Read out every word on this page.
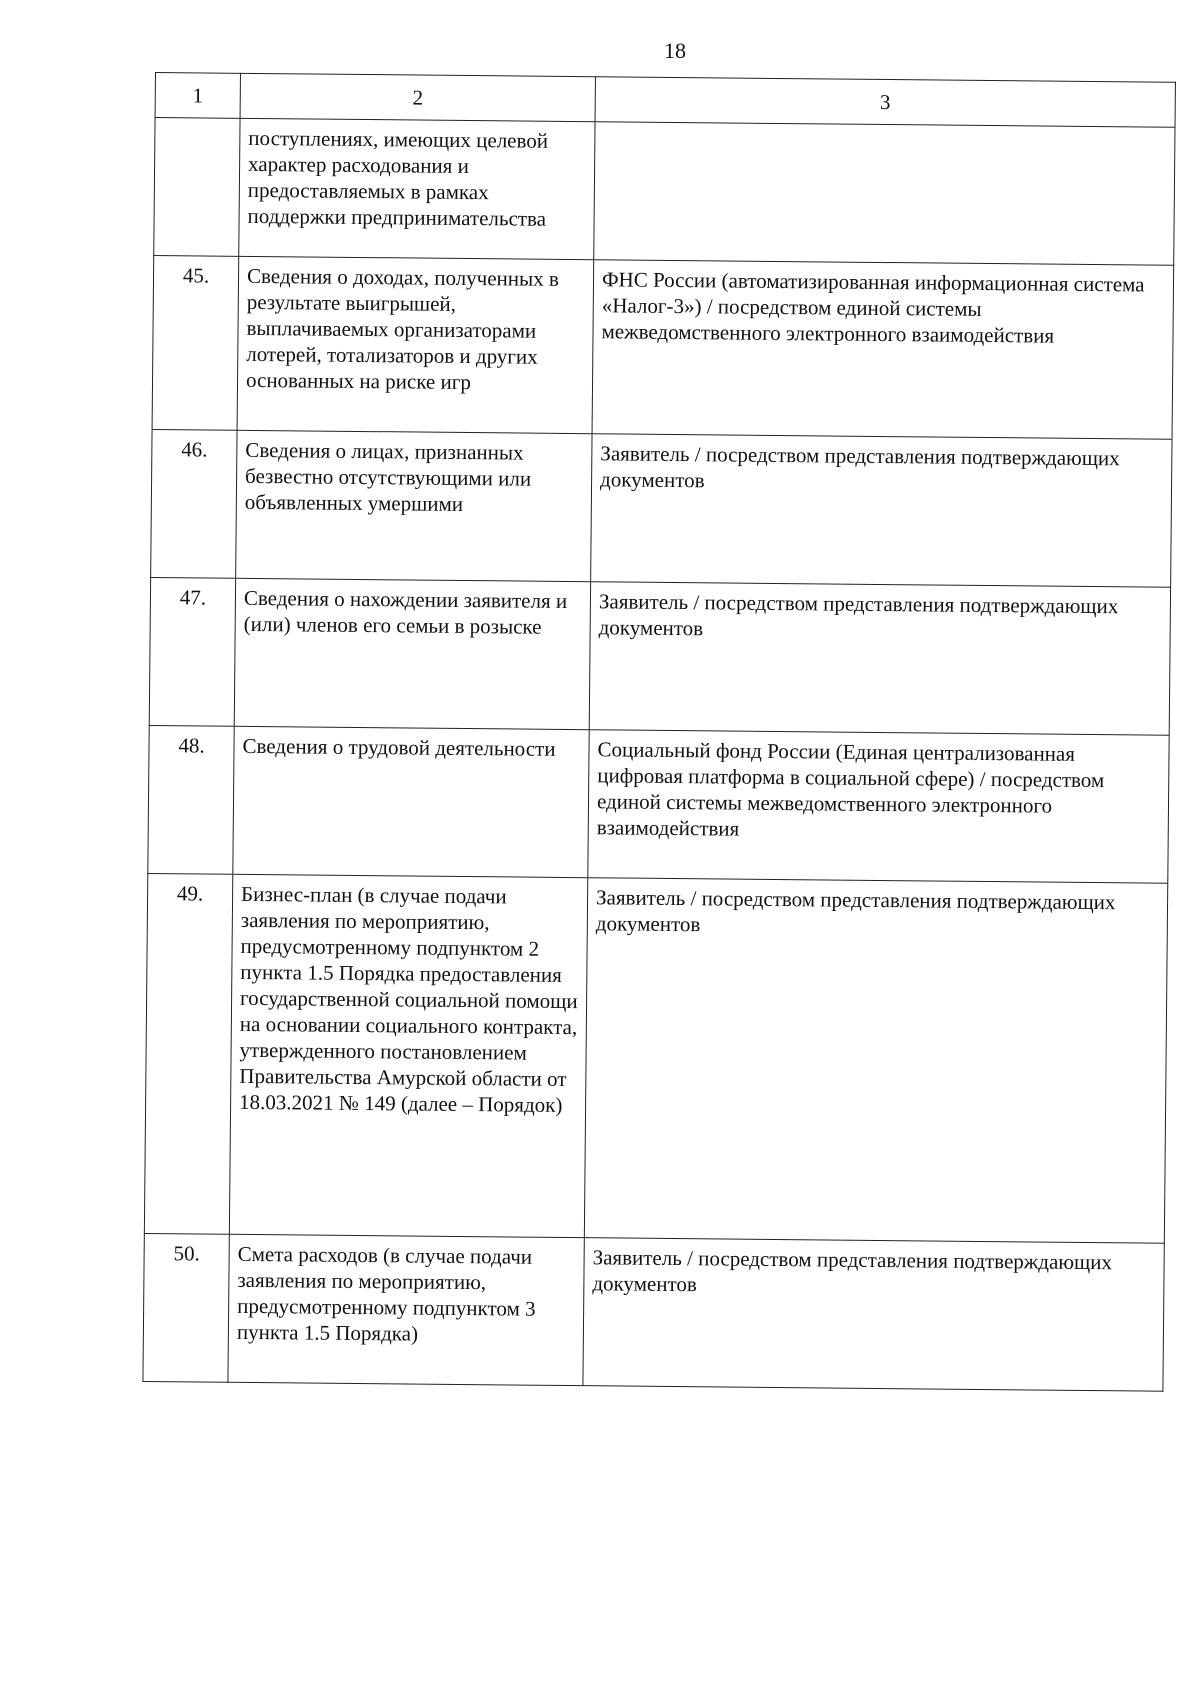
18
1	2	3
	поступлениях, имеющих целевой характер расходования и предоставляемых в рамках поддержки предпринимательства	
45.	Сведения о доходах, полученных в результате выигрышей, выплачиваемых организаторами лотерей, тотализаторов и других основанных на риске игр	ФНС России (автоматизированная информационная система «Налог-3») / посредством единой системы межведомственного электронного взаимодействия
46.	Сведения о лицах, признанных безвестно отсутствующими или объявленных умершими	Заявитель / посредством представления подтверждающих документов
47.	Сведения о нахождении заявителя и (или) членов его семьи в розыске	Заявитель / посредством представления подтверждающих документов
48.	Сведения о трудовой деятельности	Социальный фонд России (Единая централизованная цифровая платформа в социальной сфере) / посредством единой системы межведомственного электронного взаимодействия
49.	Бизнес-план (в случае подачи заявления по мероприятию, предусмотренному подпунктом 2 пункта 1.5 Порядка предоставления государственной социальной помощи на основании социального контракта, утвержденного постановлением Правительства Амурской области от 18.03.2021 № 149 (далее – Порядок)	Заявитель / посредством представления подтверждающих документов
50.	Смета расходов (в случае подачи заявления по мероприятию, предусмотренному подпунктом 3 пункта 1.5 Порядка)	Заявитель / посредством представления подтверждающих документов
